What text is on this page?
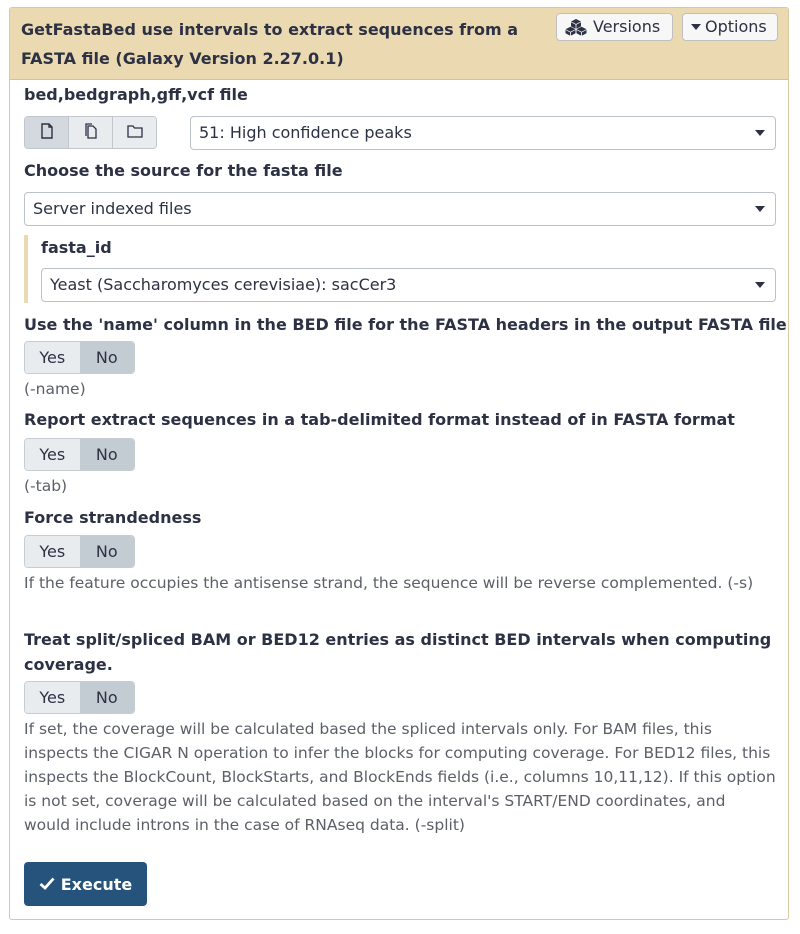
GetFastaBed use intervals to extract sequences from a FASTA file (Galaxy Version 2.27.0.1)
Versions	Options
bed,bedgraph,gff,vcf file
51: High confidence peaks
Choose the source for the fasta file
Server indexed files
fasta_id
Yeast (Saccharomyces cerevisiae): sacCer3
Use the 'name' column in the BED file for the FASTA headers in the output FASTA file
Yes	No
(-name)
Report extract sequences in a tab-delimited format instead of in FASTA format
Yes	No
(-tab)
Force strandedness
Yes	No
If the feature occupies the antisense strand, the sequence will be reverse complemented. (-s)
Treat split/spliced BAM or BED12 entries as distinct BED intervals when computing coverage.
Yes	No
If set, the coverage will be calculated based the spliced intervals only. For BAM files, this inspects the CIGAR N operation to infer the blocks for computing coverage. For BED12 files, this inspects the BlockCount, BlockStarts, and BlockEnds fields (i.e., columns 10,11,12). If this option is not set, coverage will be calculated based on the interval's START/END coordinates, and would include introns in the case of RNAseq data. (-split)
Execute
